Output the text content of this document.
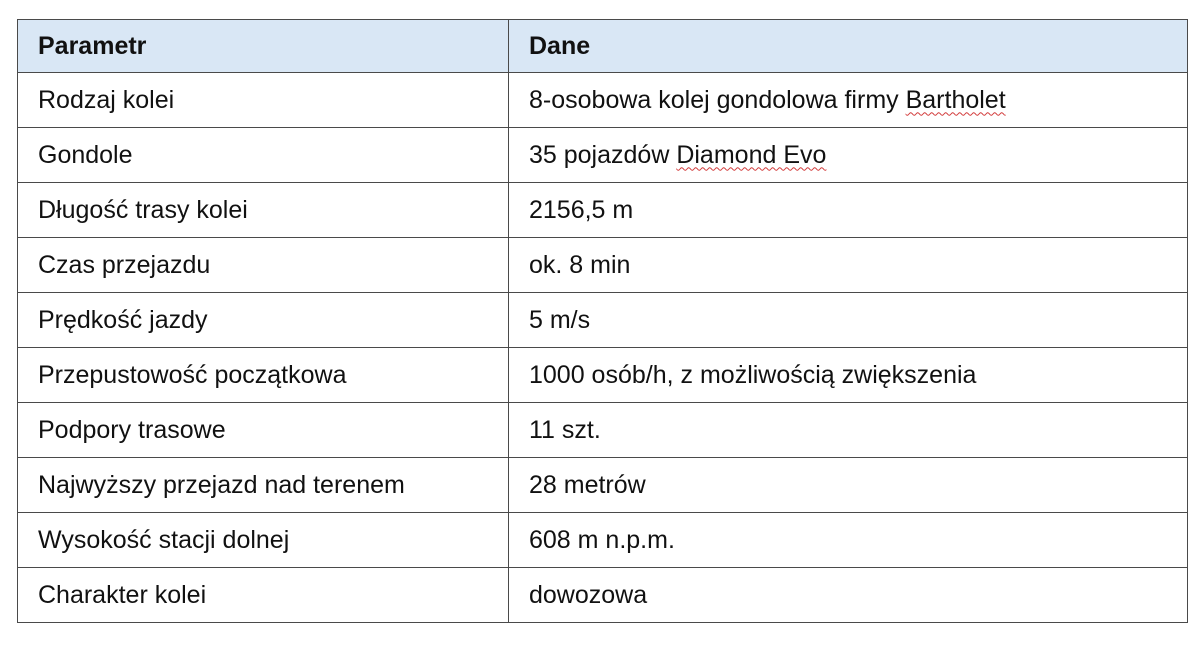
Parametr	Dane
Rodzaj kolei	8-osobowa kolej gondolowa firmy Bartholet
Gondole	35 pojazdów Diamond Evo
Długość trasy kolei	2156,5 m
Czas przejazdu	ok. 8 min
Prędkość jazdy	5 m/s
Przepustowość początkowa	1000 osób/h, z możliwością zwiększenia
Podpory trasowe	11 szt.
Najwyższy przejazd nad terenem	28 metrów
Wysokość stacji dolnej	608 m n.p.m.
Charakter kolei	dowozowa
